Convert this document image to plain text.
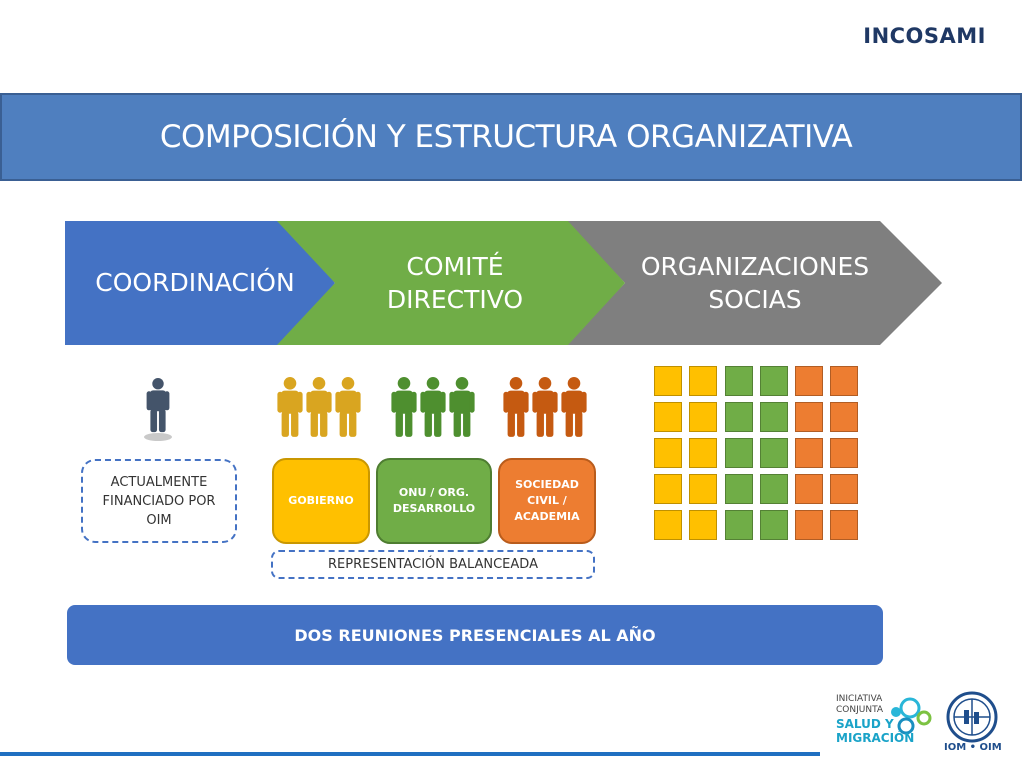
INCOSAMI
COMPOSICIÓN Y ESTRUCTURA ORGANIZATIVA
COORDINACIÓN
COMITÉ
DIRECTIVO
ORGANIZACIONES
SOCIAS
ACTUALMENTE
FINANCIADO POR
OIM
GOBIERNO
ONU / ORG.
DESARROLLO
SOCIEDAD
CIVIL /
ACADEMIA
REPRESENTACIÓN BALANCEADA
DOS REUNIONES PRESENCIALES AL AÑO
INICIATIVA
CONJUNTA
SALUD Y
MIGRACIÓN
IOM • OIM
